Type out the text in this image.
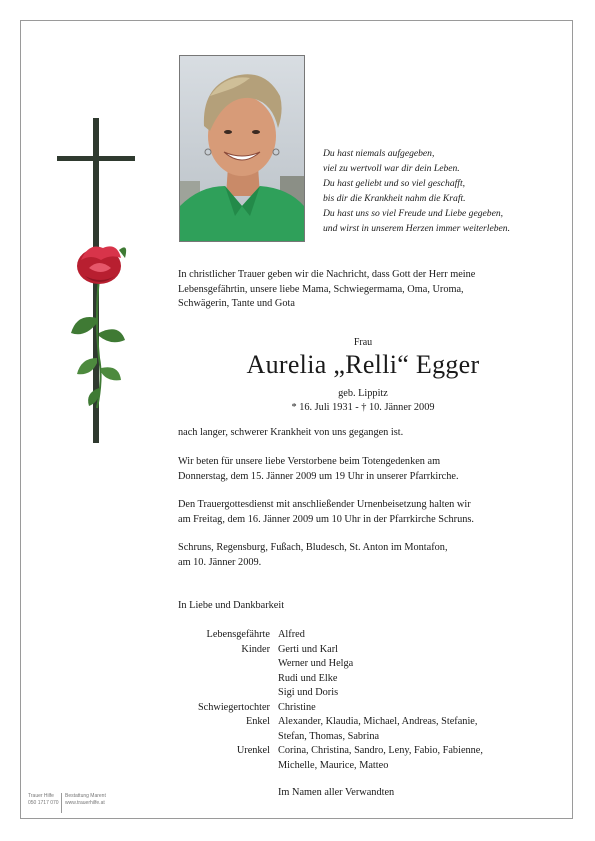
Du hast niemals aufgegeben,
viel zu wertvoll war dir dein Leben.
Du hast geliebt und so viel geschafft,
bis dir die Krankheit nahm die Kraft.
Du hast uns so viel Freude und Liebe gegeben,
und wirst in unserem Herzen immer weiterleben.
In christlicher Trauer geben wir die Nachricht, dass Gott der Herr meine
Lebensgefährtin, unsere liebe Mama, Schwiegermama, Oma, Uroma,
Schwägerin, Tante und Gota
Frau
Aurelia „Relli“ Egger
geb. Lippitz
* 16. Juli 1931 - † 10. Jänner 2009
nach langer, schwerer Krankheit von uns gegangen ist.
Wir beten für unsere liebe Verstorbene beim Totengedenken am
Donnerstag, dem 15. Jänner 2009 um 19 Uhr in unserer Pfarrkirche.
Den Trauergottesdienst mit anschließender Urnenbeisetzung halten wir
am Freitag, dem 16. Jänner 2009 um 10 Uhr in der Pfarrkirche Schruns.
Schruns, Regensburg, Fußach, Bludesch, St. Anton im Montafon,
am 10. Jänner 2009.
In Liebe und Dankbarkeit
Lebensgefährte Alfred
Kinder Gerti und Karl
Werner und Helga
Rudi und Elke
Sigi und Doris
Schwiegertochter Christine
Enkel Alexander, Klaudia, Michael, Andreas, Stefanie,
Stefan, Thomas, Sabrina
Urenkel Corina, Christina, Sandro, Leny, Fabio, Fabienne,
Michelle, Maurice, Matteo
Im Namen aller Verwandten
Trauer Hilfe
050 1717 070
Bestattung Marent
www.trauerhilfe.at
